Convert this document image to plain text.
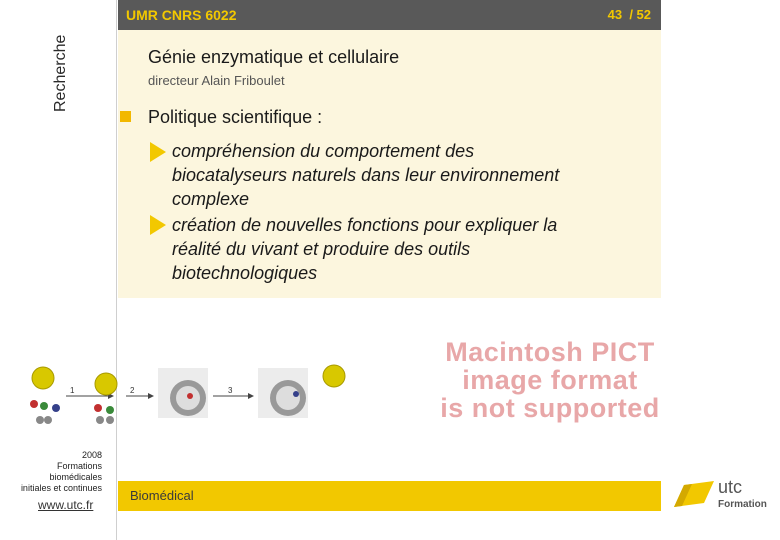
Recherche
UMR CNRS 6022	43 / 52
Génie enzymatique et cellulaire
directeur Alain Friboulet
Politique scientifique :
compréhension du comportement des
biocatalyseurs naturels dans leur environnement
complexe
création de nouvelles fonctions pour expliquer la
réalité du vivant et produire des outils
biotechnologiques
1	2	3
Macintosh PICT
image format
is not supported
2008
Formations
biomédicales
initiales et continues
www.utc.fr
Biomédical	utc
Formation
